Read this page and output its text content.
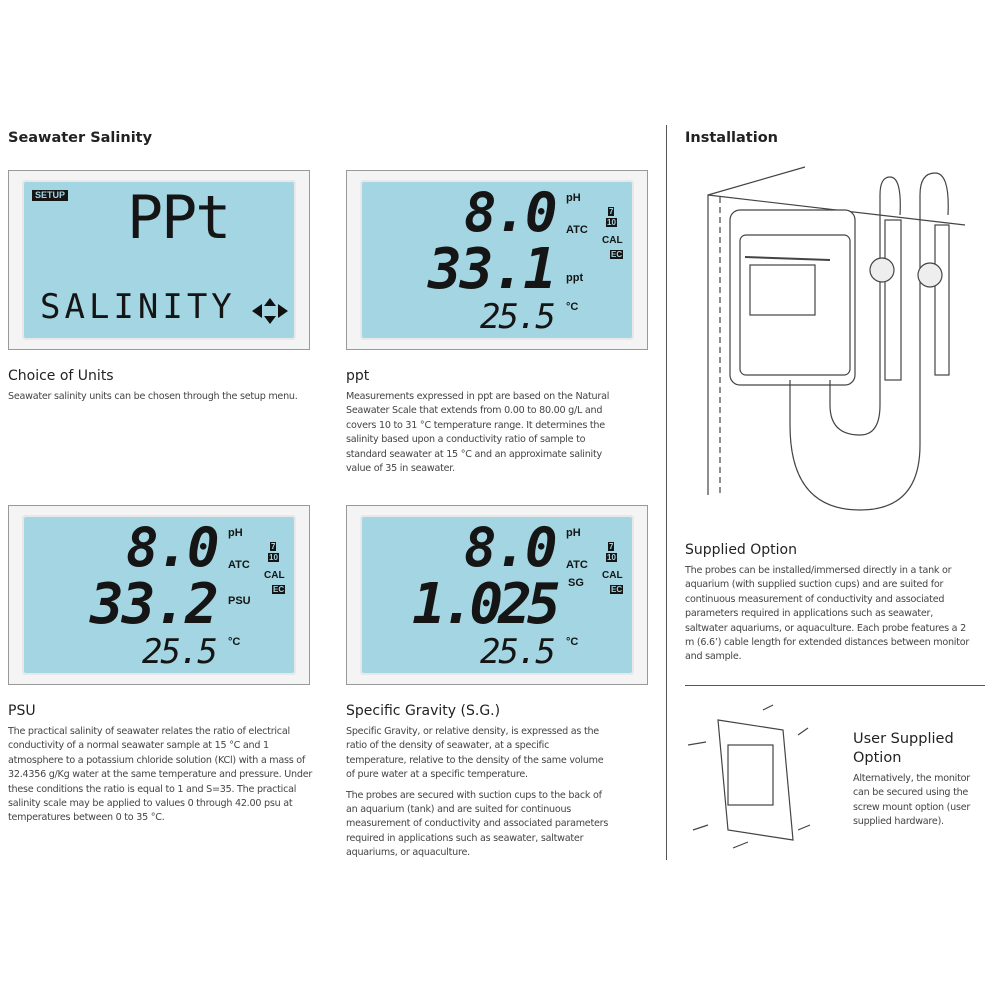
Seawater Salinity	Installation
SETUP PPt
SALINITY
8.0 pH
ATC
33.1 ppt
25.5 °C
7
10
CAL
EC
8.0 pH
ATC
33.2 PSU
25.5 °C
7
10
CAL
EC
8.0 pH
ATC
1.025 SG
25.5 °C
7
10
CAL
EC
Choice of Units

Seawater salinity units can be chosen through the setup menu.

ppt

Measurements expressed in ppt are based on the Natural Seawater Scale that extends from 0.00 to 80.00 g/L and covers 10 to 31 °C temperature range. It determines the salinity based upon a conductivity ratio of sample to standard seawater at 15 °C and an approximate salinity value of 35 in seawater.

PSU

The practical salinity of seawater relates the ratio of electrical conductivity of a normal seawater sample at 15 °C and 1 atmosphere to a potassium chloride solution (KCl) with a mass of 32.4356 g/Kg water at the same temperature and pressure. Under these conditions the ratio is equal to 1 and S=35. The practical salinity scale may be applied to values 0 through 42.00 psu at temperatures between 0 to 35 °C.

Specific Gravity (S.G.)

Specific Gravity, or relative density, is expressed as the ratio of the density of seawater, at a specific temperature, relative to the density of the same volume of pure water at a specific temperature.

The probes are secured with suction cups to the back of an aquarium (tank) and are suited for continuous measurement of conductivity and associated parameters required in applications such as seawater, saltwater aquariums, or aquaculture.

Supplied Option

The probes can be installed/immersed directly in a tank or aquarium (with supplied suction cups) and are suited for continuous measurement of conductivity and associated parameters required in applications such as seawater, saltwater aquariums, or aquaculture. Each probe features a 2 m (6.6’) cable length for extended distances between monitor and sample.

User Supplied Option

Alternatively, the monitor can be secured using the screw mount option (user supplied hardware).
